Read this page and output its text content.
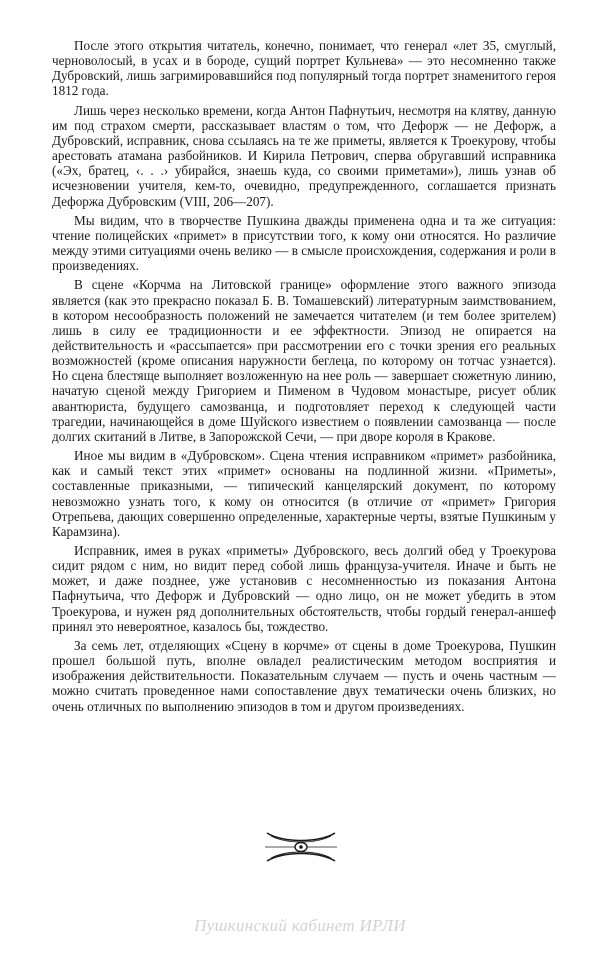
После этого открытия читатель, конечно, понимает, что генерал «лет 35, смуглый, черноволосый, в усах и в бороде, сущий портрет Кульнева» — это несомненно также Дубровский, лишь загримировавшийся под популярный тогда портрет знаменитого героя 1812 года.

Лишь через несколько времени, когда Антон Пафнутьич, несмотря на клятву, данную им под страхом смерти, рассказывает властям о том, что Дефорж — не Дефорж, а Дубровский, исправник, снова ссылаясь на те же приметы, является к Троекурову, чтобы арестовать атамана разбойников. И Кирила Петрович, сперва обругавший исправника («Эх, братец, ‹. . .› убирайся, знаешь куда, со своими приметами»), лишь узнав об исчезновении учителя, кем-то, очевидно, предупрежденного, соглашается признать Дефоржа Дубровским (VIII, 206—207).

Мы видим, что в творчестве Пушкина дважды применена одна и та же ситуация: чтение полицейских «примет» в присутствии того, к кому они относятся. Но различие между этими ситуациями очень велико — в смысле происхождения, содержания и роли в произведениях.

В сцене «Корчма на Литовской границе» оформление этого важного эпизода является (как это прекрасно показал Б. В. Томашевский) литературным заимствованием, в котором несообразность положений не замечается читателем (и тем более зрителем) лишь в силу ее традиционности и ее эффектности. Эпизод не опирается на действительность и «рассыпается» при рассмотрении его с точки зрения его реальных возможностей (кроме описания наружности беглеца, по которому он тотчас узнается). Но сцена блестяще выполняет возложенную на нее роль — завершает сюжетную линию, начатую сценой между Григорием и Пименом в Чудовом монастыре, рисует облик авантюриста, будущего самозванца, и подготовляет переход к следующей части трагедии, начинающейся в доме Шуйского известием о появлении самозванца — после долгих скитаний в Литве, в Запорожской Сечи, — при дворе короля в Кракове.

Иное мы видим в «Дубровском». Сцена чтения исправником «примет» разбойника, как и самый текст этих «примет» основаны на подлинной жизни. «Приметы», составленные приказными, — типический канцелярский документ, по которому невозможно узнать того, к кому он относится (в отличие от «примет» Григория Отрепьева, дающих совершенно определенные, характерные черты, взятые Пушкиным у Карамзина).

Исправник, имея в руках «приметы» Дубровского, весь долгий обед у Троекурова сидит рядом с ним, но видит перед собой лишь француза-учителя. Иначе и быть не может, и даже позднее, уже установив с несомненностью из показания Антона Пафнутьича, что Дефорж и Дубровский — одно лицо, он не может убедить в этом Троекурова, и нужен ряд дополнительных обстоятельств, чтобы гордый генерал-аншеф принял это невероятное, казалось бы, тождество.

За семь лет, отделяющих «Сцену в корчме» от сцены в доме Троекурова, Пушкин прошел большой путь, вполне овладел реалистическим методом восприятия и изображения действительности. Показательным случаем — пусть и очень частным — можно считать проведенное нами сопоставление двух тематически очень близких, но очень отличных по выполнению эпизодов в том и другом произведениях.

Пушкинский кабинет ИРЛИ
